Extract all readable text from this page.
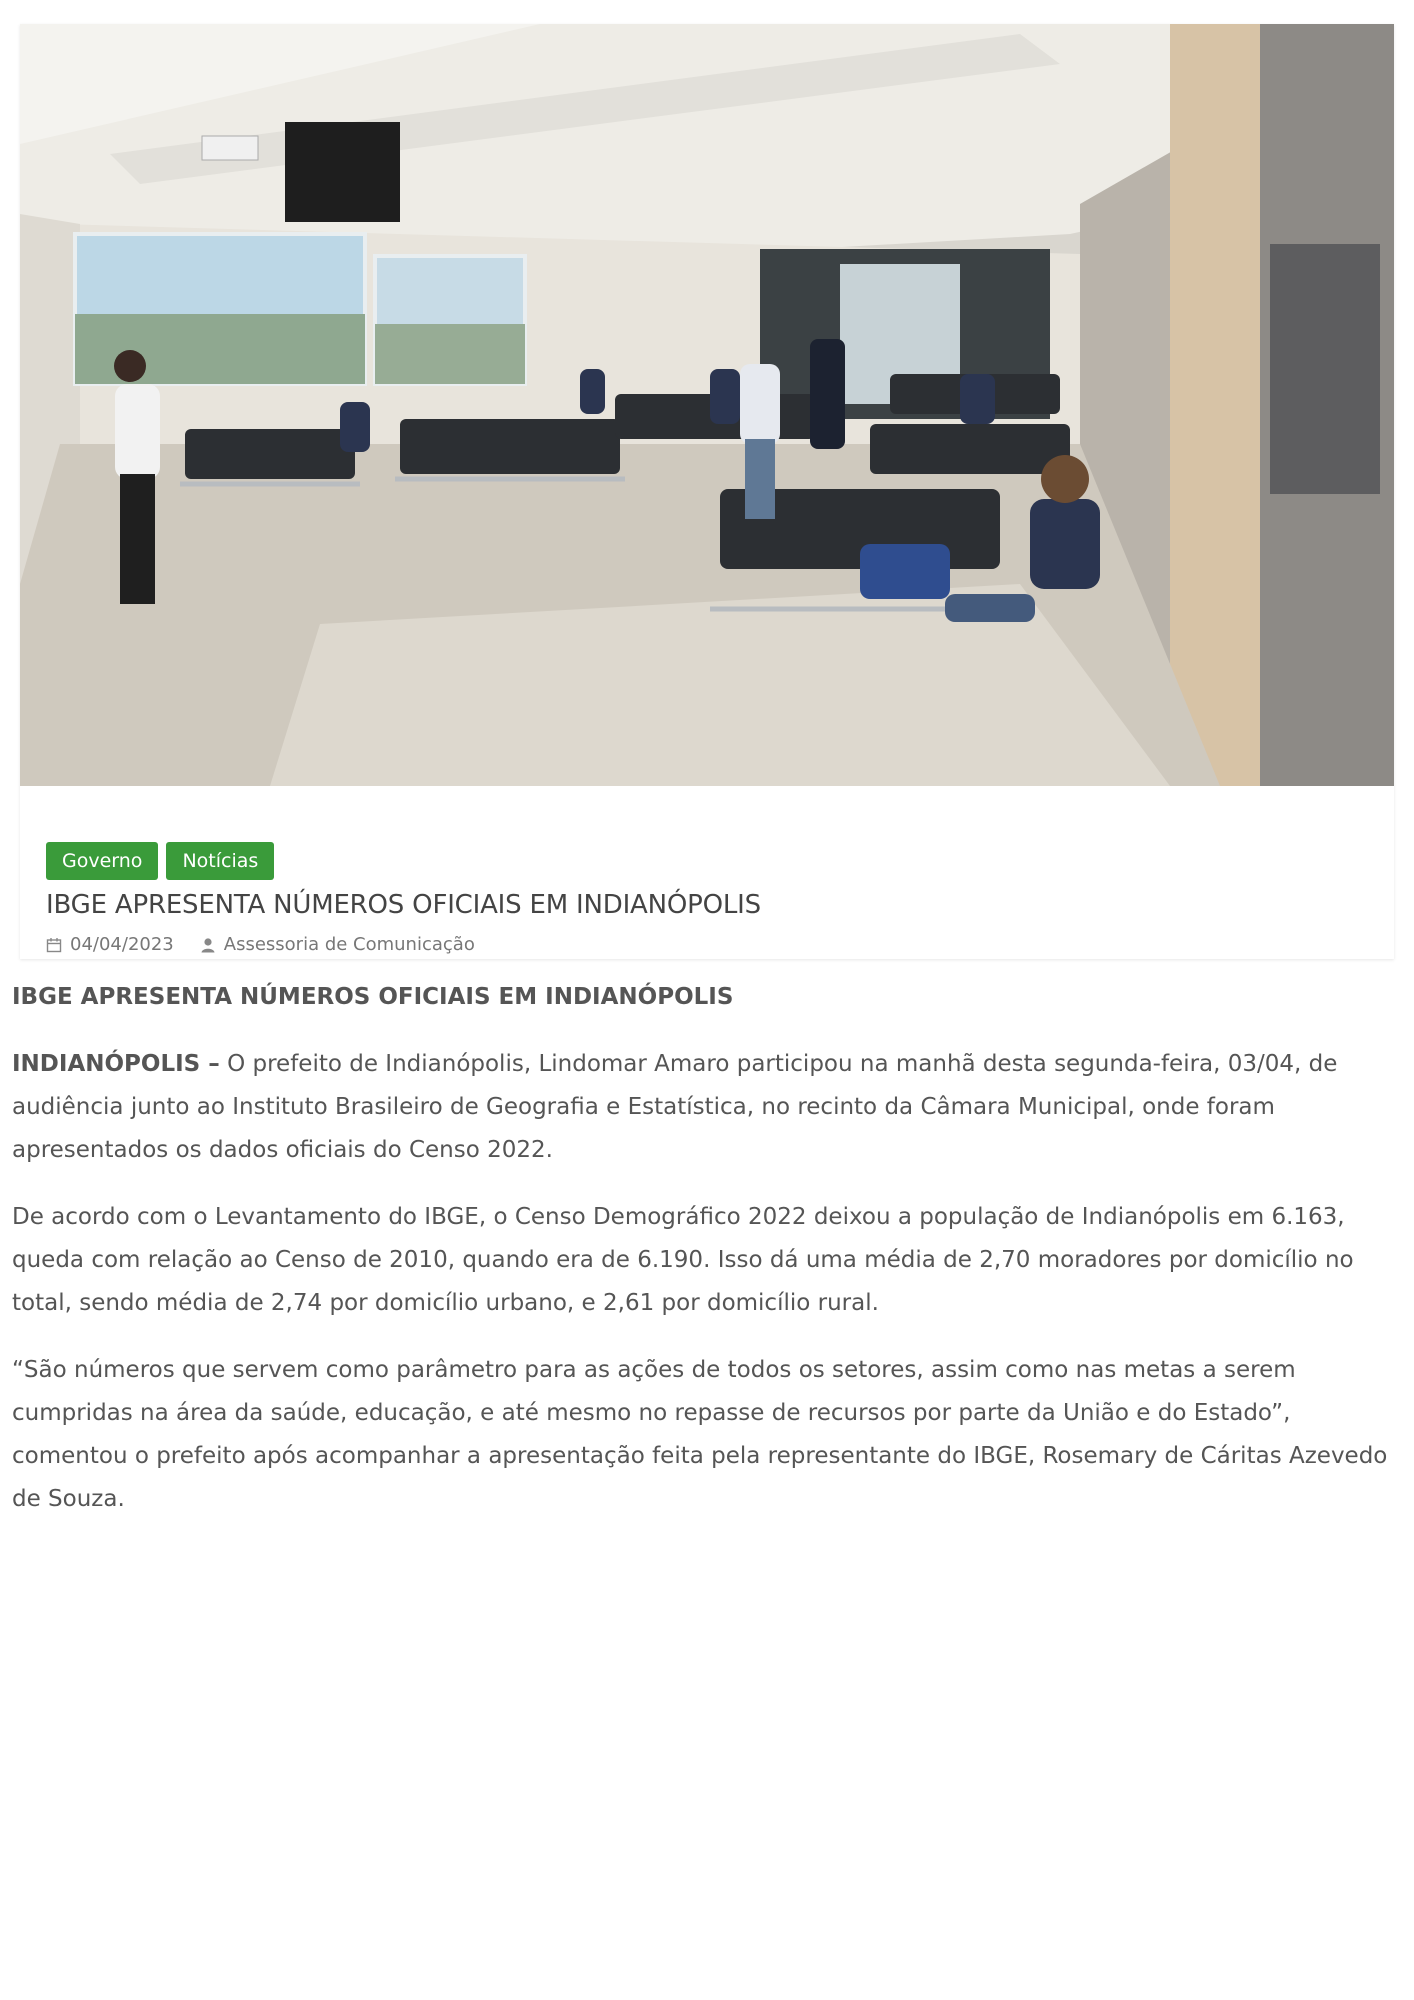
Governo	Notícias
IBGE APRESENTA NÚMEROS OFICIAIS EM INDIANÓPOLIS
04/04/2023	Assessoria de Comunicação
IBGE APRESENTA NÚMEROS OFICIAIS EM INDIANÓPOLIS

INDIANÓPOLIS – O prefeito de Indianópolis, Lindomar Amaro participou na manhã desta segunda-feira, 03/04, de audiência junto ao Instituto Brasileiro de Geografia e Estatística, no recinto da Câmara Municipal, onde foram apresentados os dados oficiais do Censo 2022.

De acordo com o Levantamento do IBGE, o Censo Demográfico 2022 deixou a população de Indianópolis em 6.163, queda com relação ao Censo de 2010, quando era de 6.190. Isso dá uma média de 2,70 moradores por domicílio no total, sendo média de 2,74 por domicílio urbano, e 2,61 por domicílio rural.

“São números que servem como parâmetro para as ações de todos os setores, assim como nas metas a serem cumpridas na área da saúde, educação, e até mesmo no repasse de recursos por parte da União e do Estado”, comentou o prefeito após acompanhar a apresentação feita pela representante do IBGE, Rosemary de Cáritas Azevedo de Souza.
